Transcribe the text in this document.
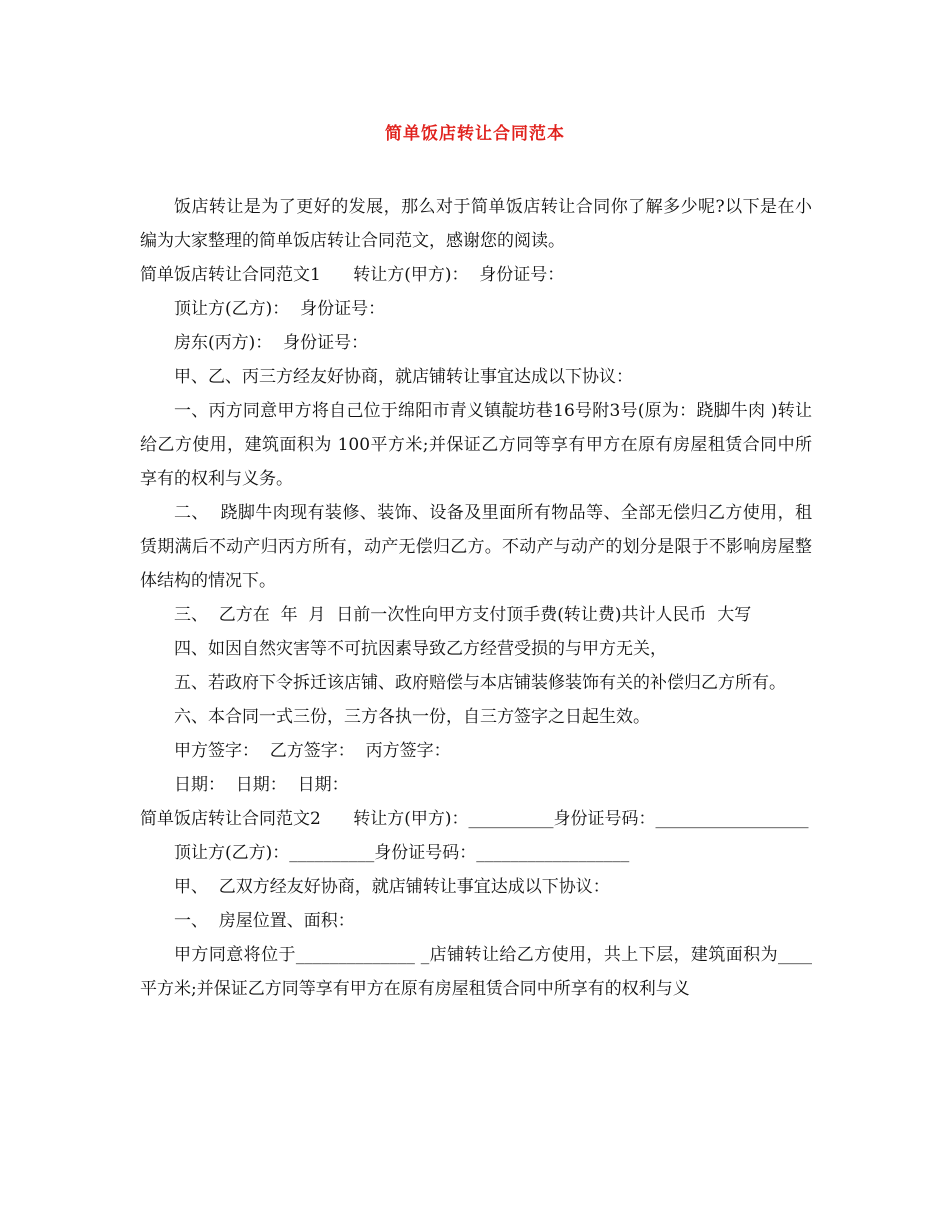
简单饭店转让合同范本

饭店转让是为了更好的发展，那么对于简单饭店转让合同你了解多少呢?以下是在小编为大家整理的简单饭店转让合同范文，感谢您的阅读。

简单饭店转让合同范文1      转让方(甲方)：  身份证号：

顶让方(乙方)：  身份证号：

房东(丙方)：  身份证号：

甲、乙、丙三方经友好协商，就店铺转让事宜达成以下协议：

一、丙方同意甲方将自己位于绵阳市青义镇靛坊巷16号附3号(原为：跷脚牛肉 )转让给乙方使用，建筑面积为 100平方米;并保证乙方同等享有甲方在原有房屋租赁合同中所享有的权利与义务。

二、  跷脚牛肉现有装修、装饰、设备及里面所有物品等、全部无偿归乙方使用，租赁期满后不动产归丙方所有，动产无偿归乙方。不动产与动产的划分是限于不影响房屋整体结构的情况下。

三、  乙方在  年  月  日前一次性向甲方支付顶手费(转让费)共计人民币  大写

四、如因自然灾害等不可抗因素导致乙方经营受损的与甲方无关，

五、若政府下令拆迁该店铺、政府赔偿与本店铺装修装饰有关的补偿归乙方所有。

六、本合同一式三份，三方各执一份，自三方签字之日起生效。

甲方签字：  乙方签字：  丙方签字：

日期：  日期：  日期：

简单饭店转让合同范文2      转让方(甲方)：__________身份证号码：__________________

顶让方(乙方)：__________身份证号码：__________________

甲、  乙双方经友好协商，就店铺转让事宜达成以下协议：

一、  房屋位置、面积：

甲方同意将位于______________ _店铺转让给乙方使用，共上下层，建筑面积为____平方米;并保证乙方同等享有甲方在原有房屋租赁合同中所享有的权利与义
